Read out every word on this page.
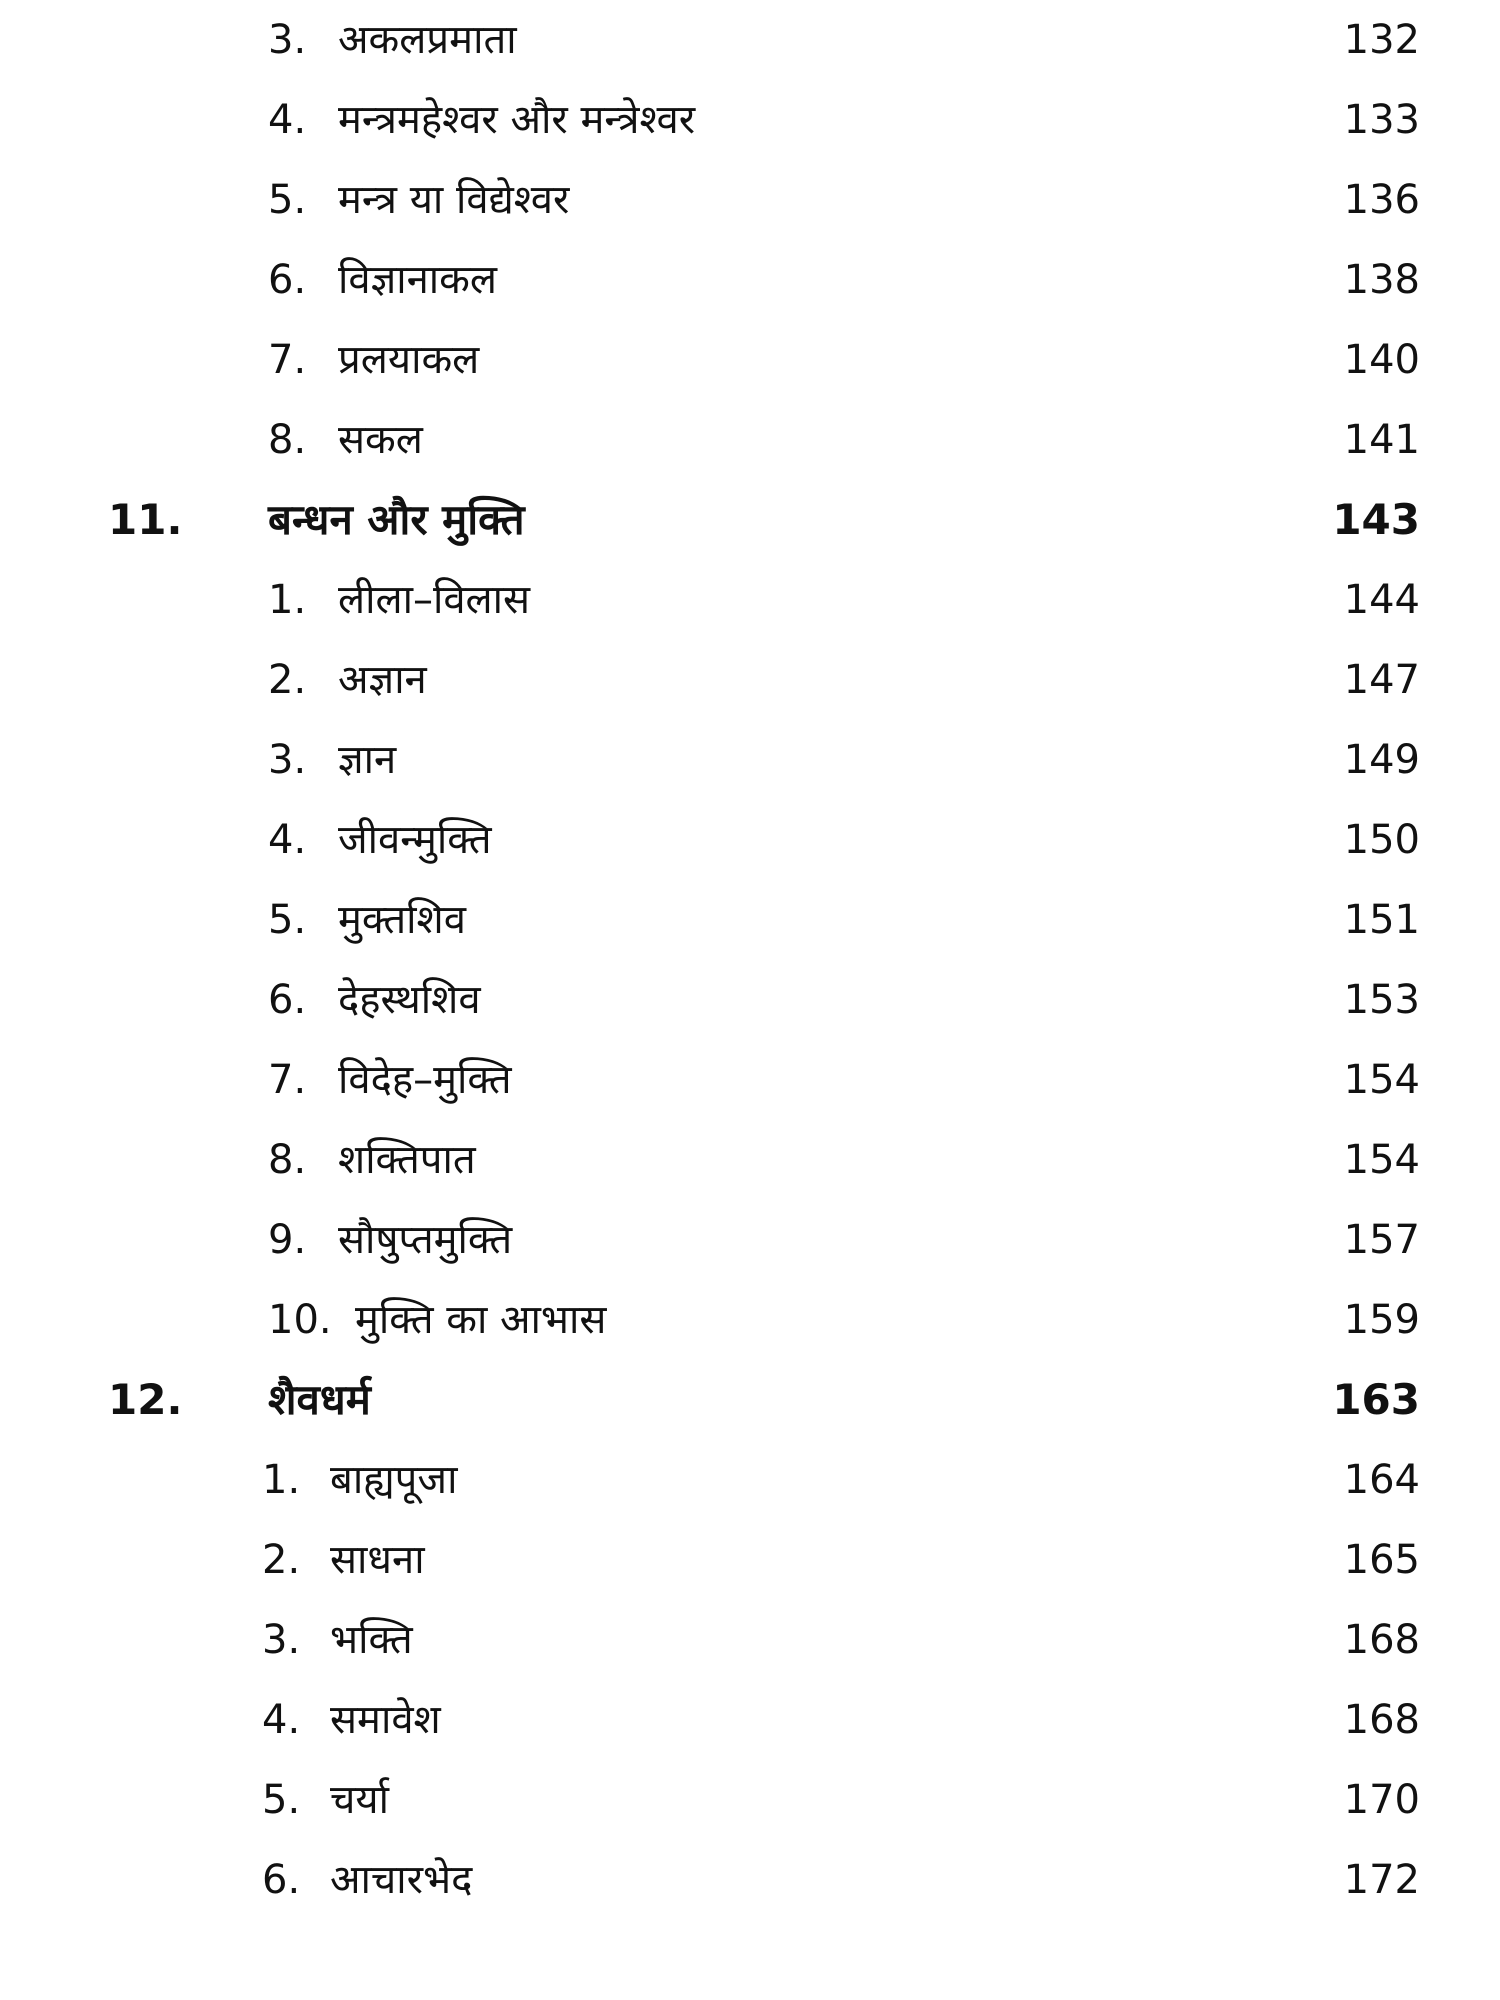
3. अकलप्रमाता	132
4. मन्त्रमहेश्वर और मन्त्रेश्वर	133
5. मन्त्र या विद्येश्वर	136
6. विज्ञानाकल	138
7. प्रलयाकल	140
8. सकल	141
11. बन्धन और मुक्ति	143
1. लीला–विलास	144
2. अज्ञान	147
3. ज्ञान	149
4. जीवन्मुक्ति	150
5. मुक्तशिव	151
6. देहस्थशिव	153
7. विदेह–मुक्ति	154
8. शक्तिपात	154
9. सौषुप्तमुक्ति	157
10. मुक्ति का आभास	159
12. शैवधर्म	163
1. बाह्यपूजा	164
2. साधना	165
3. भक्ति	168
4. समावेश	168
5. चर्या	170
6. आचारभेद	172
